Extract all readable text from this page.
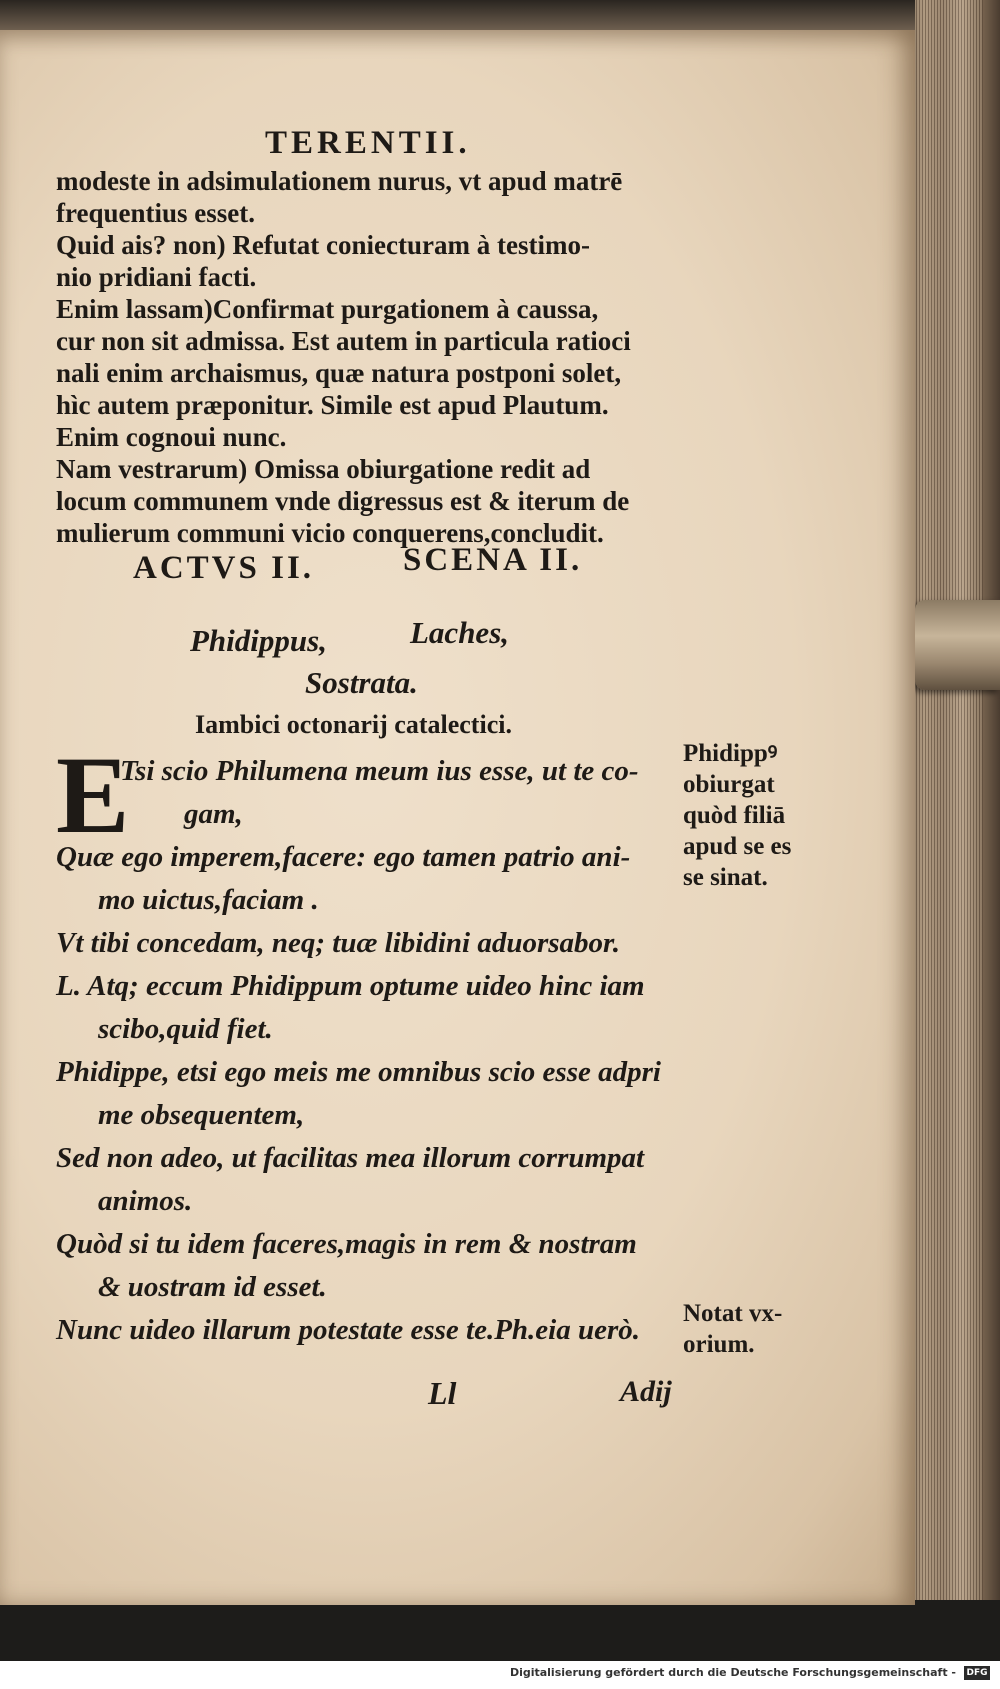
TERENTII.

modeste in adsimulationem nurus, vt apud matrē

frequentius esset.

Quid ais? non) Refutat coniecturam à testimo-

nio pridiani facti.

Enim lassam)Confirmat purgationem à caussa,

cur non sit admissa. Est autem in particula ratioci

nali enim archaismus, quæ natura postponi solet,

hìc autem præponitur. Simile est apud Plautum.

Enim cognoui nunc.

Nam vestrarum) Omissa obiurgatione redit ad

locum communem vnde digressus est & iterum de

mulierum communi vicio conquerens,concludit.

ACTVS II.	SCENA II.
Phidippus,	Laches,
Sostrata.
Iambici octonarij catalectici.
E
Tsi scio Philumena meum ius esse, ut te co-
gam,
Quæ ego imperem,facere: ego tamen patrio ani-
mo uictus,faciam .
Vt tibi concedam, neq; tuæ libidini aduorsabor.
L. Atq; eccum Phidippum optume uideo hinc iam
scibo,quid fiet.
Phidippe, etsi ego meis me omnibus scio esse adpri
me obsequentem,
Sed non adeo, ut facilitas mea illorum corrumpat
animos.
Quòd si tu idem faceres,magis in rem & nostram
& uostram id esset.
Nunc uideo illarum potestate esse te.Ph.eia uerò.
Phidippꝰ
obiurgat
quòd filiā
apud se es
se sinat.
Notat vx-
orium.
Ll	Adij
Digitalisierung gefördert durch die Deutsche Forschungsgemeinschaft - DFG
